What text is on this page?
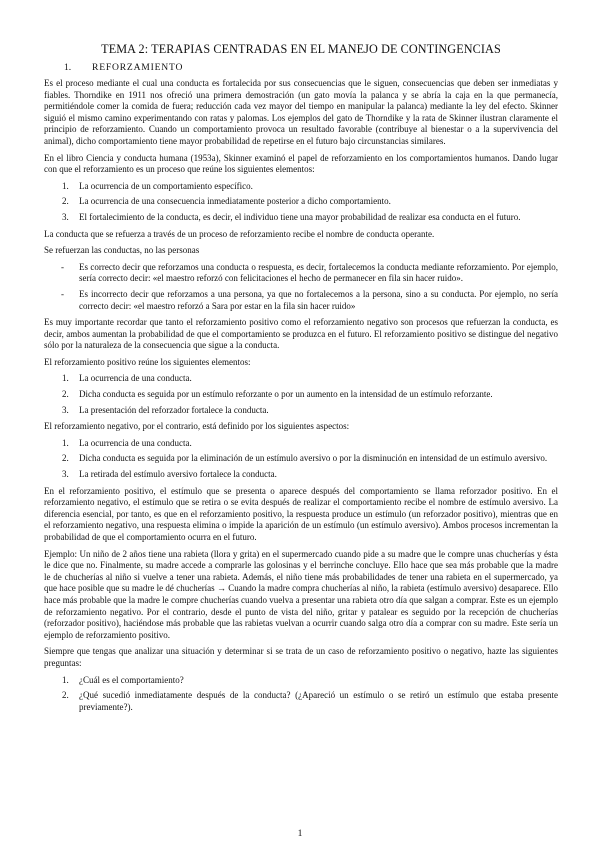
TEMA 2: TERAPIAS CENTRADAS EN EL MANEJO DE CONTINGENCIAS
1. REFORZAMIENTO

Es el proceso mediante el cual una conducta es fortalecida por sus consecuencias que le siguen, consecuencias que deben ser inmediatas y fiables. Thorndike en 1911 nos ofreció una primera demostración (un gato movía la palanca y se abría la caja en la que permanecía, permitiéndole comer la comida de fuera; reducción cada vez mayor del tiempo en manipular la palanca) mediante la ley del efecto. Skinner siguió el mismo camino experimentando con ratas y palomas. Los ejemplos del gato de Thorndike y la rata de Skinner ilustran claramente el principio de reforzamiento. Cuando un comportamiento provoca un resultado favorable (contribuye al bienestar o a la supervivencia del animal), dicho comportamiento tiene mayor probabilidad de repetirse en el futuro bajo circunstancias similares.

En el libro Ciencia y conducta humana (1953a), Skinner examinó el papel de reforzamiento en los comportamientos humanos. Dando lugar con que el reforzamiento es un proceso que reúne los siguientes elementos:

1. La ocurrencia de un comportamiento específico.
2. La ocurrencia de una consecuencia inmediatamente posterior a dicho comportamiento.
3. El fortalecimiento de la conducta, es decir, el individuo tiene una mayor probabilidad de realizar esa conducta en el futuro.

La conducta que se refuerza a través de un proceso de reforzamiento recibe el nombre de conducta operante.

Se refuerzan las conductas, no las personas

- Es correcto decir que reforzamos una conducta o respuesta, es decir, fortalecemos la conducta mediante reforzamiento. Por ejemplo, sería correcto decir: «el maestro reforzó con felicitaciones el hecho de permanecer en fila sin hacer ruido».
- Es incorrecto decir que reforzamos a una persona, ya que no fortalecemos a la persona, sino a su conducta. Por ejemplo, no sería correcto decir: «el maestro reforzó a Sara por estar en la fila sin hacer ruido»

Es muy importante recordar que tanto el reforzamiento positivo como el reforzamiento negativo son procesos que refuerzan la conducta, es decir, ambos aumentan la probabilidad de que el comportamiento se produzca en el futuro. El reforzamiento positivo se distingue del negativo sólo por la naturaleza de la consecuencia que sigue a la conducta.

El reforzamiento positivo reúne los siguientes elementos:

1. La ocurrencia de una conducta.
2. Dicha conducta es seguida por un estímulo reforzante o por un aumento en la intensidad de un estímulo reforzante.
3. La presentación del reforzador fortalece la conducta.

El reforzamiento negativo, por el contrario, está definido por los siguientes aspectos:

1. La ocurrencia de una conducta.
2. Dicha conducta es seguida por la eliminación de un estímulo aversivo o por la disminución en intensidad de un estímulo aversivo.
3. La retirada del estímulo aversivo fortalece la conducta.

En el reforzamiento positivo, el estímulo que se presenta o aparece después del comportamiento se llama reforzador positivo. En el reforzamiento negativo, el estímulo que se retira o se evita después de realizar el comportamiento recibe el nombre de estímulo aversivo. La diferencia esencial, por tanto, es que en el reforzamiento positivo, la respuesta produce un estímulo (un reforzador positivo), mientras que en el reforzamiento negativo, una respuesta elimina o impide la aparición de un estímulo (un estímulo aversivo). Ambos procesos incrementan la probabilidad de que el comportamiento ocurra en el futuro.

Ejemplo: Un niño de 2 años tiene una rabieta (llora y grita) en el supermercado cuando pide a su madre que le compre unas chucherías y ésta le dice que no. Finalmente, su madre accede a comprarle las golosinas y el berrinche concluye. Ello hace que sea más probable que la madre le de chucherías al niño si vuelve a tener una rabieta. Además, el niño tiene más probabilidades de tener una rabieta en el supermercado, ya que hace posible que su madre le dé chucherías → Cuando la madre compra chucherías al niño, la rabieta (estímulo aversivo) desaparece. Ello hace más probable que la madre le compre chucherías cuando vuelva a presentar una rabieta otro día que salgan a comprar. Este es un ejemplo de reforzamiento negativo. Por el contrario, desde el punto de vista del niño, gritar y patalear es seguido por la recepción de chucherías (reforzador positivo), haciéndose más probable que las rabietas vuelvan a ocurrir cuando salga otro día a comprar con su madre. Este sería un ejemplo de reforzamiento positivo.

Siempre que tengas que analizar una situación y determinar si se trata de un caso de reforzamiento positivo o negativo, hazte las siguientes preguntas:

1. ¿Cuál es el comportamiento?
2. ¿Qué sucedió inmediatamente después de la conducta? (¿Apareció un estímulo o se retiró un estímulo que estaba presente previamente?).
1
